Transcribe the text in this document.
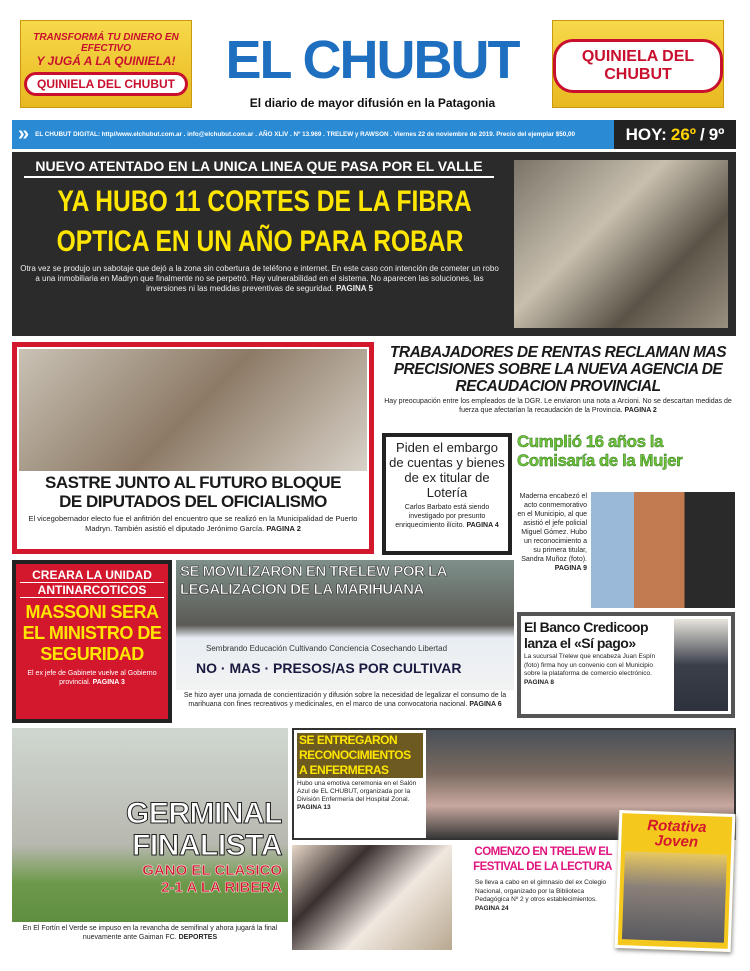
TRANSFORMÁ TU DINERO EN EFECTIVO
Y JUGÁ A LA QUINIELA!
QUINIELA DEL CHUBUT EL CHUBUT
El diario de mayor difusión en la Patagonia
QUINIELA DEL CHUBUT
» EL CHUBUT DIGITAL: http//www.elchubut.com.ar . info@elchubut.com.ar . AÑO XLIV . Nº 13.969 . TRELEW y RAWSON . Viernes 22 de noviembre de 2019. Precio del ejemplar $50,00	HOY: 26º / 9º
NUEVO ATENTADO EN LA UNICA LINEA QUE PASA POR EL VALLE
YA HUBO 11 CORTES DE LA FIBRA
OPTICA EN UN AÑO PARA ROBAR
Otra vez se produjo un sabotaje que dejó a la zona sin cobertura de teléfono e internet. En este caso con intención de cometer un robo a una inmobiliaria en Madryn que finalmente no se perpetró. Hay vulnerabilidad en el sistema. No aparecen las soluciones, las inversiones ni las medidas preventivas de seguridad. PAGINA 5
SASTRE JUNTO AL FUTURO BLOQUE
DE DIPUTADOS DEL OFICIALISMO
El vicegobernador electo fue el anfitrión del encuentro que se realizó en la Municipalidad de Puerto Madryn. También asistió el diputado Jerónimo García. PAGINA 2
TRABAJADORES DE RENTAS RECLAMAN MAS PRECISIONES SOBRE LA NUEVA AGENCIA DE RECAUDACION PROVINCIAL
Hay preocupación entre los empleados de la DGR. Le enviaron una nota a Arcioni. No se descartan medidas de fuerza que afectarían la recaudación de la Provincia. PAGINA 2
Piden el embargo de cuentas y bienes de ex titular de Lotería
Carlos Barbato está siendo investigado por presunto enriquecimiento ilícito. PAGINA 4
Cumplió 16 años la Comisaría de la Mujer
Maderna encabezó el acto conmemorativo en el Municipio, al que asistió el jefe policial Miguel Gómez. Hubo un reconocimiento a su primera titular, Sandra Muñoz (foto). PAGINA 9
CREARA LA UNIDAD
ANTINARCOTICOS
MASSONI SERA EL MINISTRO DE SEGURIDAD
El ex jefe de Gabinete vuelve al Gobierno provincial. PAGINA 3
SE MOVILIZARON EN TRELEW POR LA
LEGALIZACION DE LA MARIHUANA
Sembrando Educación Cultivando Conciencia Cosechando Libertad
NO · MAS · PRESOS/AS POR CULTIVAR
Se hizo ayer una jornada de concientización y difusión sobre la necesidad de legalizar el consumo de la marihuana con fines recreativos y medicinales, en el marco de una convocatoria nacional. PAGINA 6
El Banco Credicoop lanza el «Sí pago»
La sucursal Trelew que encabeza Juan Espín (foto) firma hoy un convenio con el Municipio sobre la plataforma de comercio electrónico. PAGINA 8
GERMINAL
FINALISTA
GANO EL CLASICO
2-1 A LA RIBERA
En El Fortín el Verde se impuso en la revancha de semifinal y ahora jugará la final nuevamente ante Gaiman FC. DEPORTES
SE ENTREGARON
RECONOCIMIENTOS
A ENFERMERAS
Hubo una emotiva ceremonia en el Salón Azul de EL CHUBUT, organizada por la División Enfermería del Hospital Zonal. PAGINA 13
COMENZO EN TRELEW EL
FESTIVAL DE LA LECTURA
Se lleva a cabo en el gimnasio del ex Colegio Nacional, organizado por la Biblioteca Pedagógica Nº 2 y otros establecimientos. PAGINA 24
Rotativa
Joven
